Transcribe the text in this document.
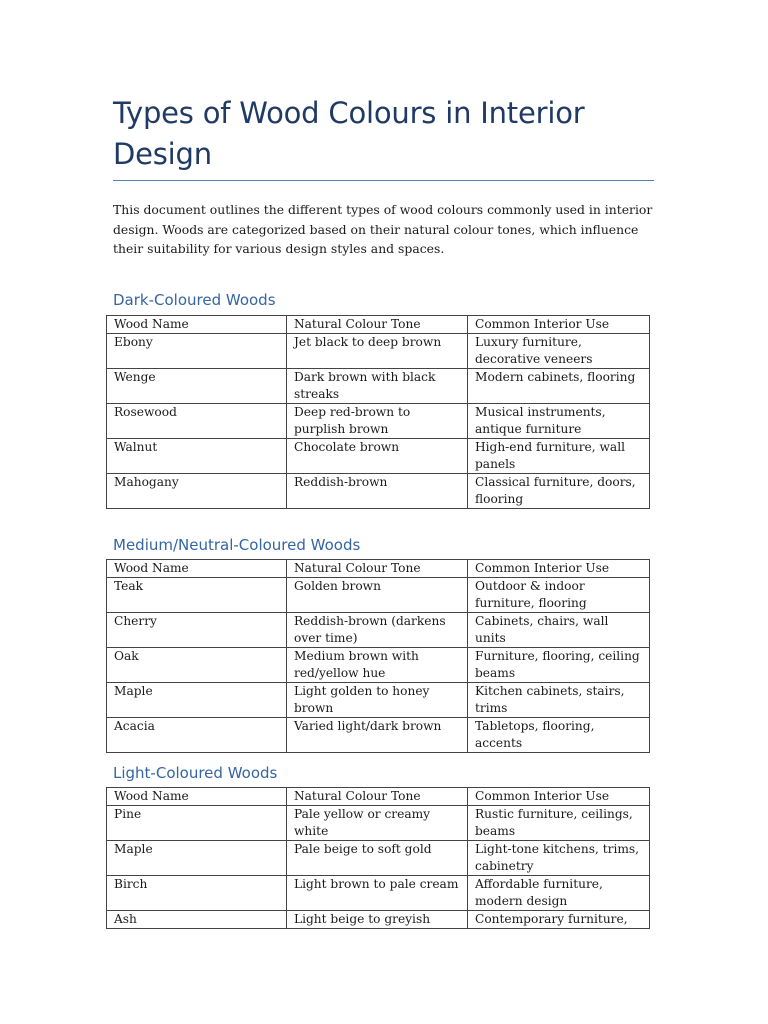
Types of Wood Colours in Interior Design

This document outlines the different types of wood colours commonly used in interior design. Woods are categorized based on their natural colour tones, which influence their suitability for various design styles and spaces.

Dark-Coloured Woods
Wood Name	Natural Colour Tone	Common Interior Use
Ebony	Jet black to deep brown	Luxury furniture, decorative veneers
Wenge	Dark brown with black streaks	Modern cabinets, flooring
Rosewood	Deep red-brown to purplish brown	Musical instruments, antique furniture
Walnut	Chocolate brown	High-end furniture, wall panels
Mahogany	Reddish-brown	Classical furniture, doors, flooring
Medium/Neutral-Coloured Woods
Wood Name	Natural Colour Tone	Common Interior Use
Teak	Golden brown	Outdoor & indoor furniture, flooring
Cherry	Reddish-brown (darkens over time)	Cabinets, chairs, wall units
Oak	Medium brown with red/yellow hue	Furniture, flooring, ceiling beams
Maple	Light golden to honey brown	Kitchen cabinets, stairs, trims
Acacia	Varied light/dark brown	Tabletops, flooring, accents
Light-Coloured Woods
Wood Name	Natural Colour Tone	Common Interior Use
Pine	Pale yellow or creamy white	Rustic furniture, ceilings, beams
Maple	Pale beige to soft gold	Light-tone kitchens, trims, cabinetry
Birch	Light brown to pale cream	Affordable furniture, modern design
Ash	Light beige to greyish	Contemporary furniture,
